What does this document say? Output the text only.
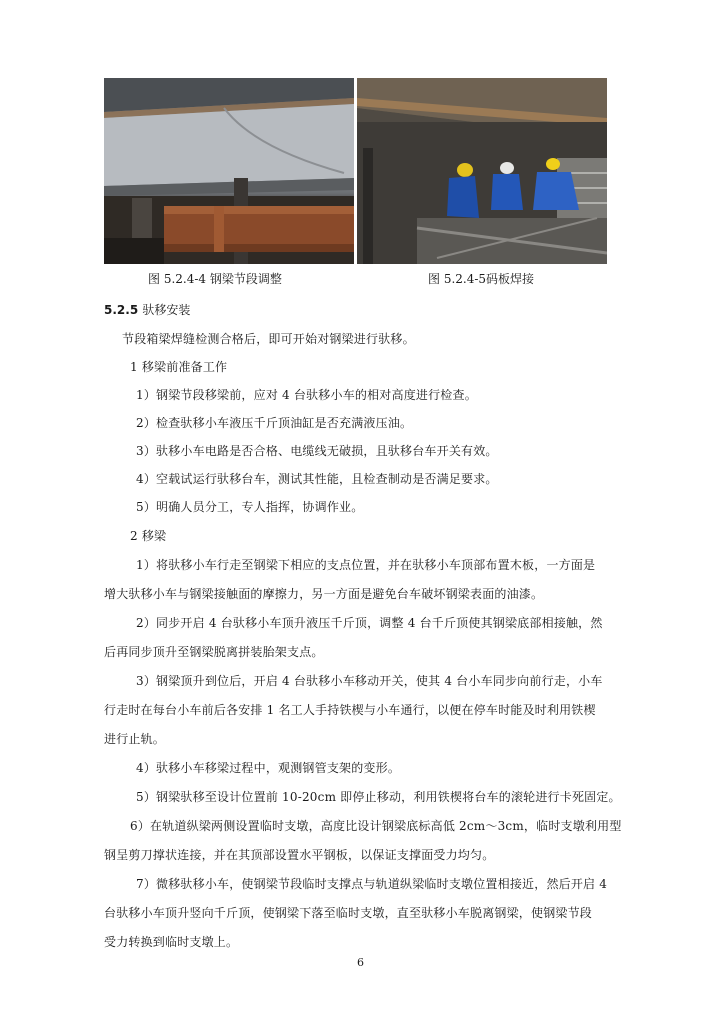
图 5.2.4-4 钢梁节段调整	图 5.2.4-5码板焊接
5.2.5 驮移安装
节段箱梁焊缝检测合格后，即可开始对钢梁进行驮移。
1 移梁前准备工作
1）钢梁节段移梁前，应对 4 台驮移小车的相对高度进行检查。
2）检查驮移小车液压千斤顶油缸是否充满液压油。
3）驮移小车电路是否合格、电缆线无破损，且驮移台车开关有效。
4）空载试运行驮移台车，测试其性能，且检查制动是否满足要求。
5）明确人员分工，专人指挥，协调作业。
2 移梁
1）将驮移小车行走至钢梁下相应的支点位置，并在驮移小车顶部布置木板，一方面是
增大驮移小车与钢梁接触面的摩擦力，另一方面是避免台车破坏钢梁表面的油漆。
2）同步开启 4 台驮移小车顶升液压千斤顶，调整 4 台千斤顶使其钢梁底部相接触，然
后再同步顶升至钢梁脱离拼装胎架支点。
3）钢梁顶升到位后，开启 4 台驮移小车移动开关，使其 4 台小车同步向前行走，小车
行走时在每台小车前后各安排 1 名工人手持铁楔与小车通行，以便在停车时能及时利用铁楔
进行止轨。
4）驮移小车移梁过程中，观测钢管支架的变形。
5）钢梁驮移至设计位置前 10-20cm 即停止移动，利用铁楔将台车的滚轮进行卡死固定。
6）在轨道纵梁两侧设置临时支墩，高度比设计钢梁底标高低 2cm～3cm，临时支墩利用型
钢呈剪刀撑状连接，并在其顶部设置水平钢板，以保证支撑面受力均匀。
7）微移驮移小车，使钢梁节段临时支撑点与轨道纵梁临时支墩位置相接近，然后开启 4
台驮移小车顶升竖向千斤顶，使钢梁下落至临时支墩，直至驮移小车脱离钢梁，使钢梁节段
受力转换到临时支墩上。
6
